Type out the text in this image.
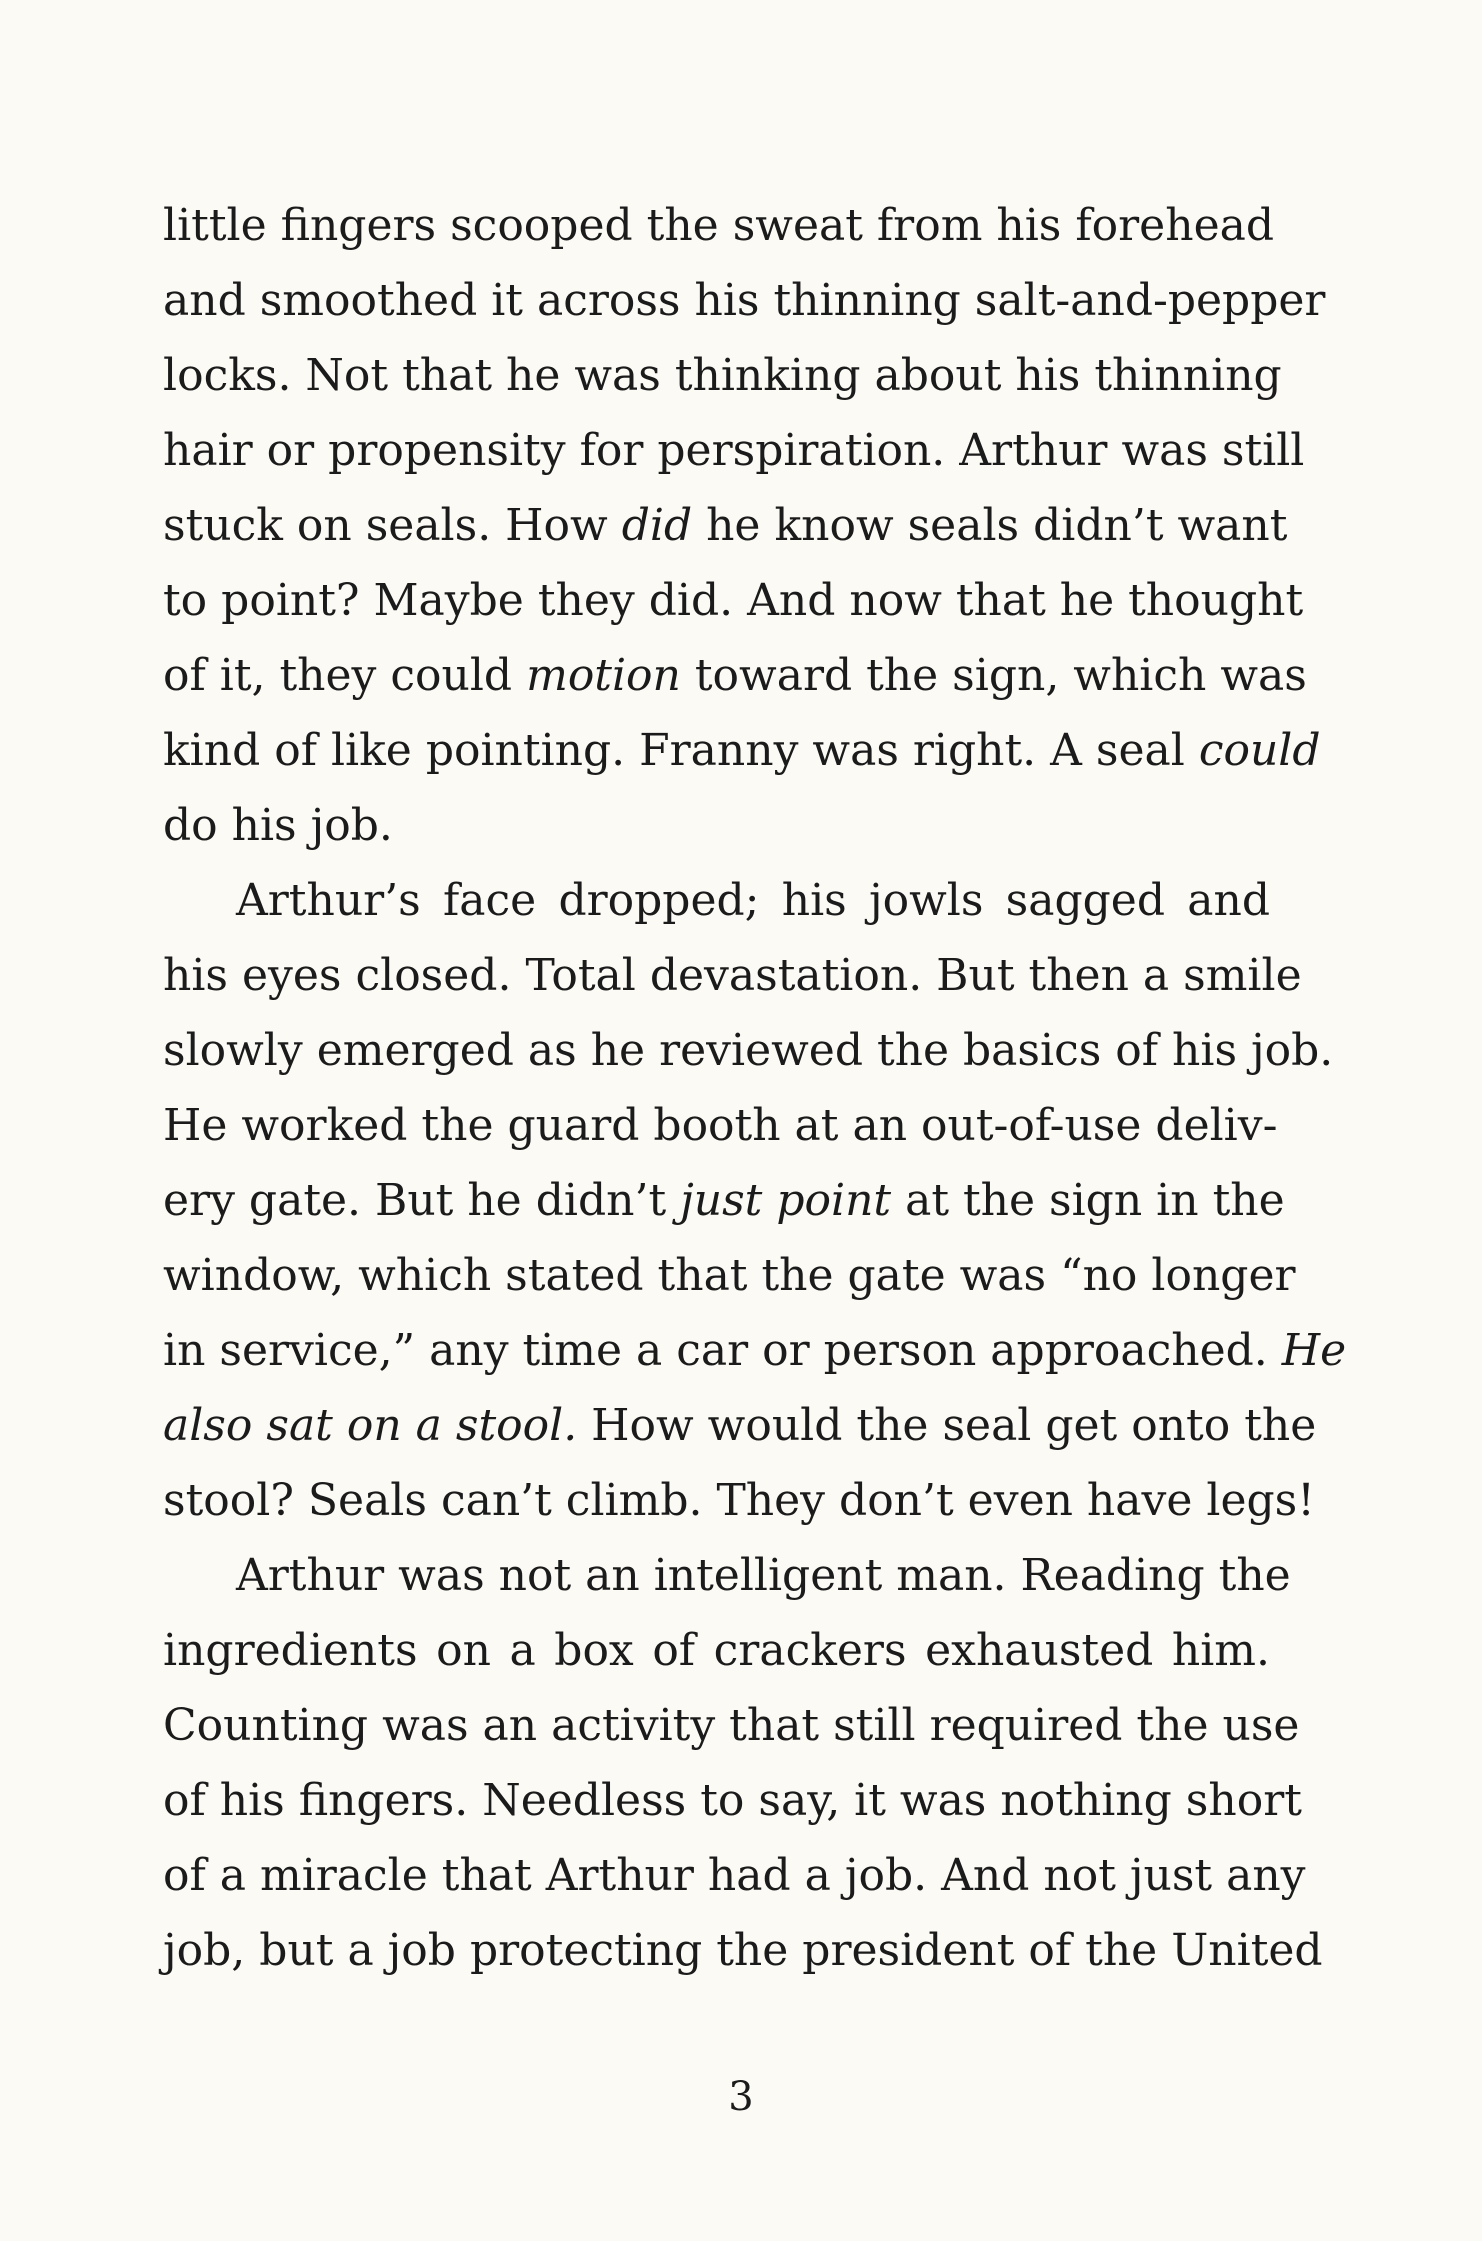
little fingers scooped the sweat from his forehead
and smoothed it across his thinning salt-and-pepper
locks. Not that he was thinking about his thinning
hair or propensity for perspiration. Arthur was still
stuck on seals. How did he know seals didn’t want
to point? Maybe they did. And now that he thought
of it, they could motion toward the sign, which was
kind of like pointing. Franny was right. A seal could
do his job.
Arthur’s face dropped; his jowls sagged and
his eyes closed. Total devastation. But then a smile
slowly emerged as he reviewed the basics of his job.
He worked the guard booth at an out-of-use deliv-
ery gate. But he didn’t just point at the sign in the
window, which stated that the gate was “no longer
in service,” any time a car or person approached. He
also sat on a stool. How would the seal get onto the
stool? Seals can’t climb. They don’t even have legs!
Arthur was not an intelligent man. Reading the
ingredients on a box of crackers exhausted him.
Counting was an activity that still required the use
of his fingers. Needless to say, it was nothing short
of a miracle that Arthur had a job. And not just any
job, but a job protecting the president of the United
3
